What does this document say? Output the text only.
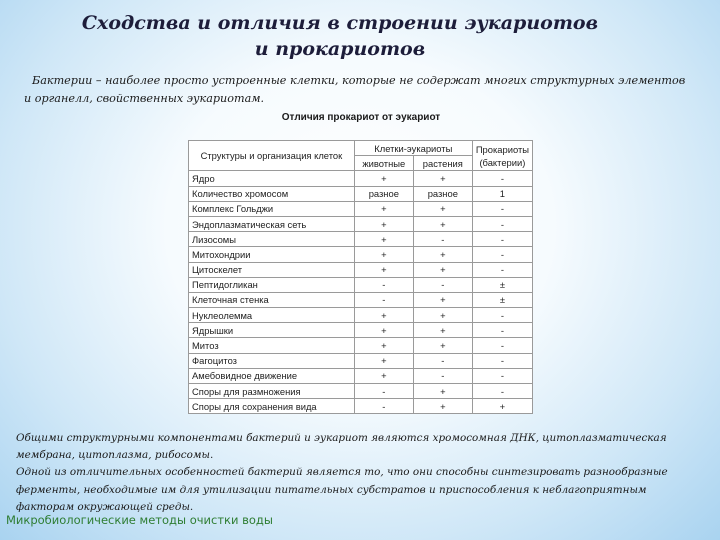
Сходства и отличия в строении эукариотов
и прокариотов

Бактерии – наиболее просто устроенные клетки, которые не содержат многих структурных элементов и органелл, свойственных эукариотам.

Отличия прокариот от эукариот
Структуры и организация клеток	Клетки-эукариоты		Прокариоты (бактерии)
	животные	растения	
Ядро	+	+	-
Количество хромосом	разное	разное	1
Комплекс Гольджи	+	+	-
Эндоплазматическая сеть	+	+	-
Лизосомы	+	-	-
Митохондрии	+	+	-
Цитоскелет	+	+	-
Пептидогликан	-	-	±
Клеточная стенка	-	+	±
Нуклеолемма	+	+	-
Ядрышки	+	+	-
Митоз	+	+	-
Фагоцитоз	+	-	-
Амебовидное движение	+	-	-
Споры для размножения	-	+	-
Споры для сохранения вида	-	+	+

Общими структурными компонентами бактерий и эукариот являются хромосомная ДНК, цитоплазматическая мембрана, цитоплазма, рибосомы.

Одной из отличительных особенностей бактерий является то, что они способны синтезировать разнообразные ферменты, необходимые им для утилизации питательных субстратов и приспособления к неблагоприятным факторам окружающей среды.

Микробиологические методы очистки воды
